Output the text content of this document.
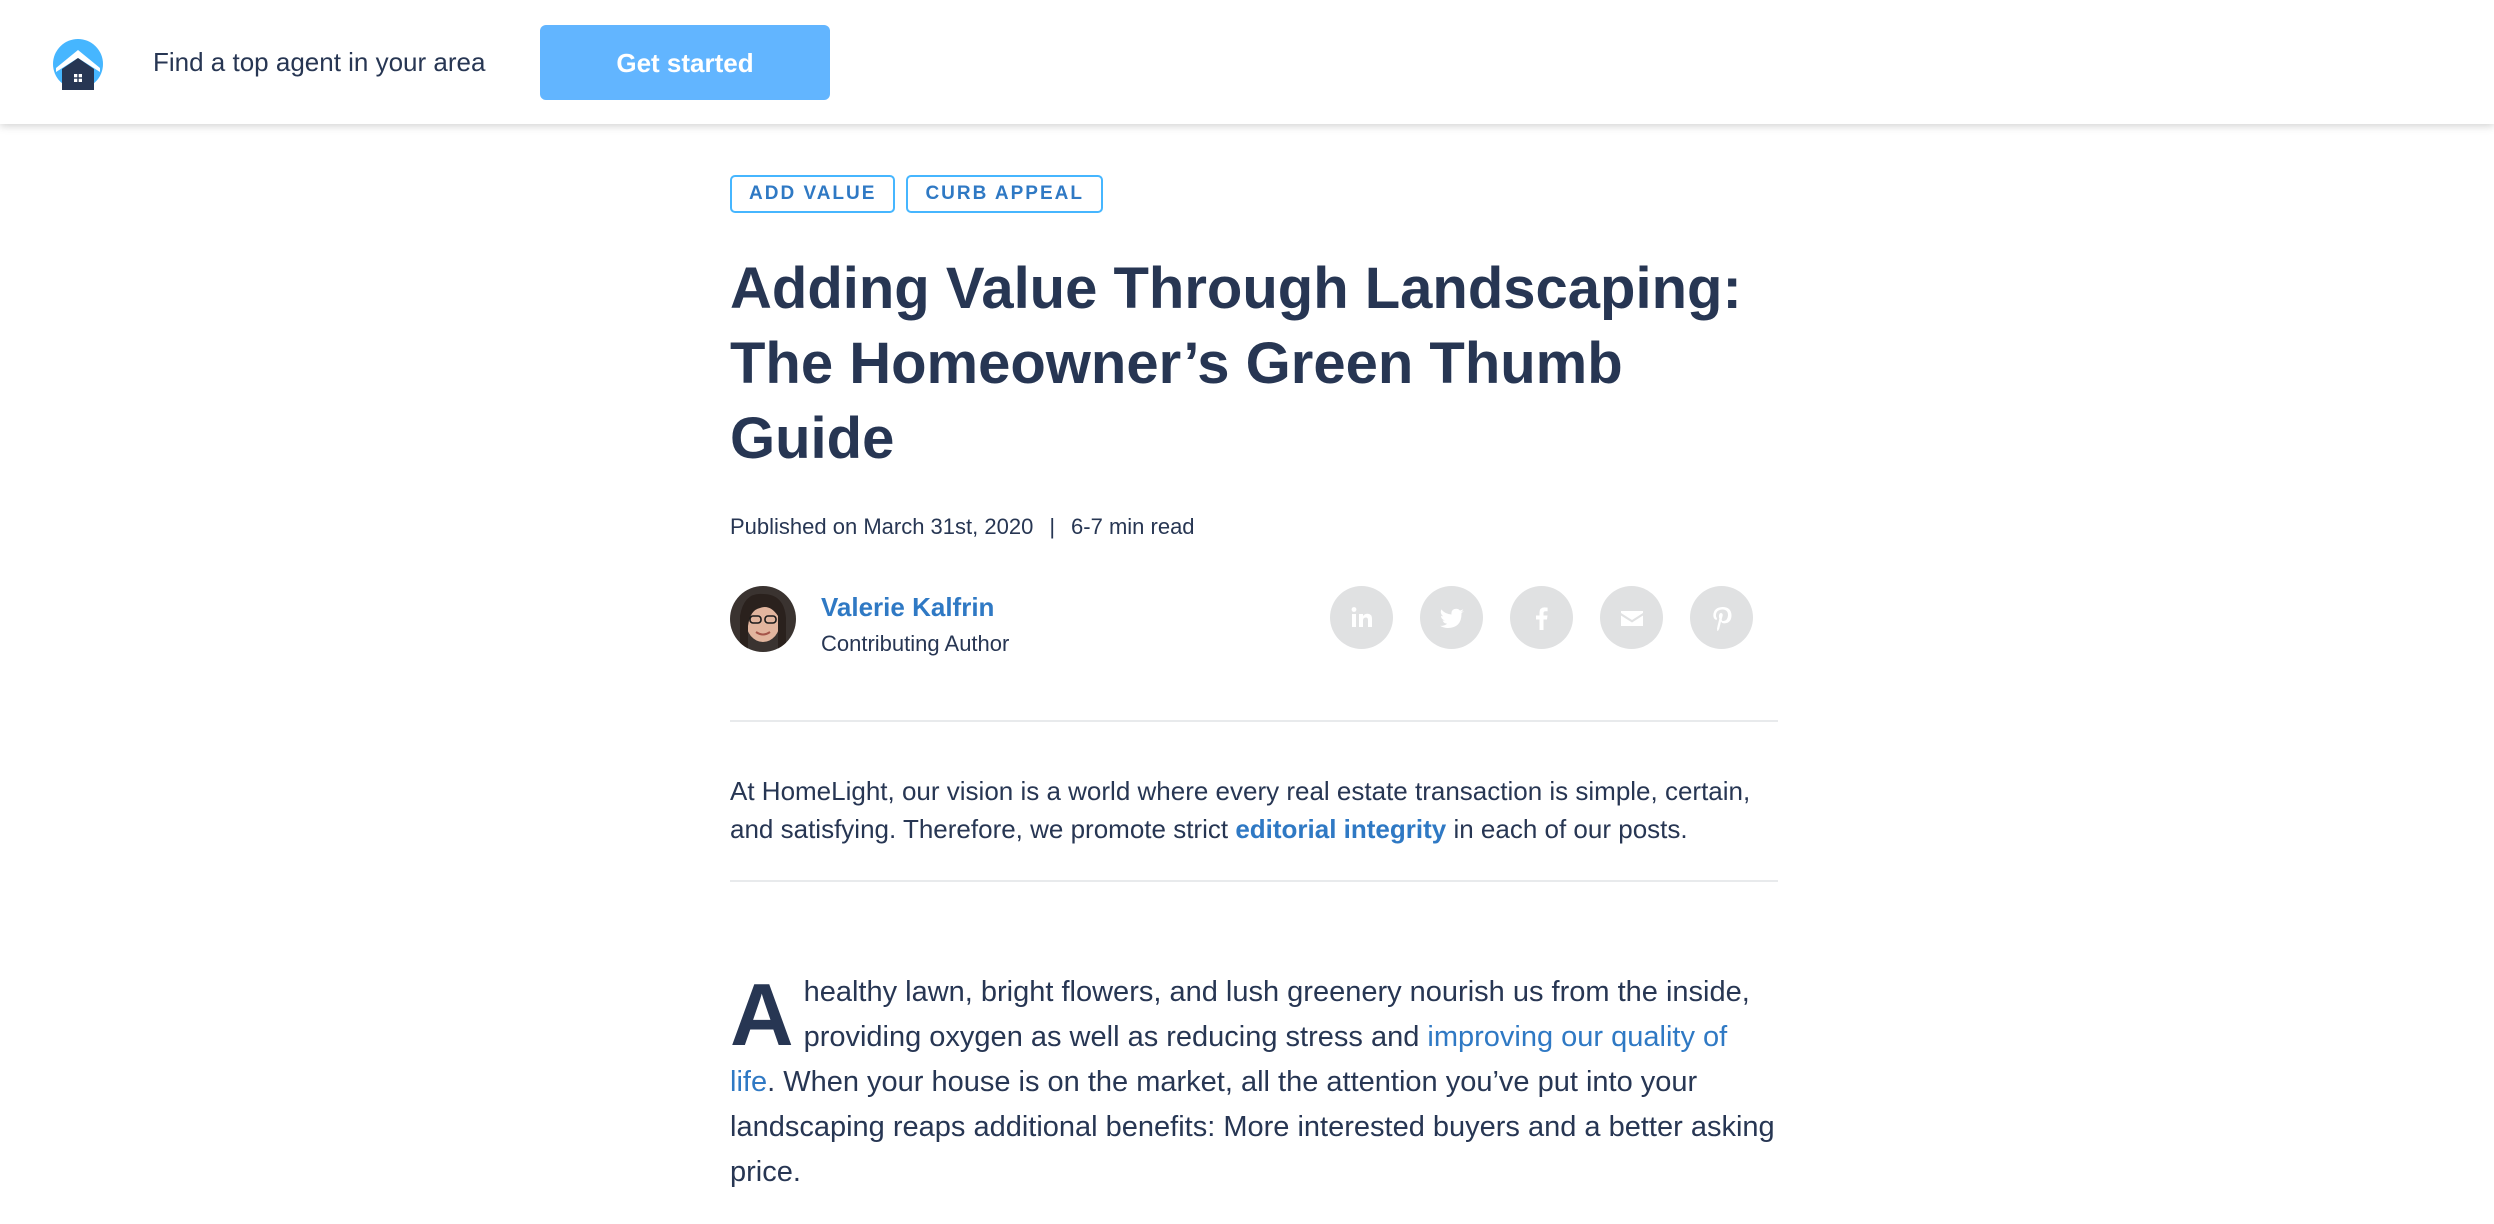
Find a top agent in your area	Get started
ADD VALUE	CURB APPEAL
Adding Value Through Landscaping: The Homeowner’s Green Thumb Guide
Published on March 31st, 2020 | 6-7 min read
Valerie Kalfrin
Contributing Author

At HomeLight, our vision is a world where every real estate transaction is simple, certain, and satisfying. Therefore, we promote strict editorial integrity in each of our posts.

A healthy lawn, bright flowers, and lush greenery nourish us from the inside, providing oxygen as well as reducing stress and improving our quality of life. When your house is on the market, all the attention you’ve put into your landscaping reaps additional benefits: More interested buyers and a better asking price.
